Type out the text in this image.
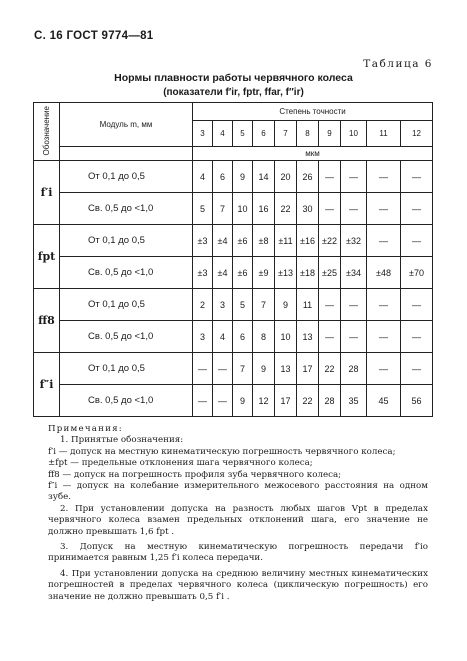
С. 16 ГОСТ 9774—81
Таблица 6
Нормы плавности работы червячного колеса
(показатели f′ir, fptr, ffar, f″ir)
Обозначение	Модуль m, мм	Степень точности									
		3	4	5	6	7	8	9	10	11	12
		мкм									
f′i	От 0,1 до 0,5	4	6	9	14	20	26	—	—	—	—
	Св. 0,5 до <1,0	5	7	10	16	22	30	—	—	—	—
fpt	От 0,1 до 0,5	±3	±4	±6	±8	±11	±16	±22	±32	—	—
	Св. 0,5 до <1,0	±3	±4	±6	±9	±13	±18	±25	±34	±48	±70
ff8	От 0,1 до 0,5	2	3	5	7	9	11	—	—	—	—
	Св. 0,5 до <1,0	3	4	6	8	10	13	—	—	—	—
f″i	От 0,1 до 0,5	—	—	7	9	13	17	22	28	—	—
	Св. 0,5 до <1,0	—	—	9	12	17	22	28	35	45	56

Примечания:

1. Принятые обозначения:

f′i — допуск на местную кинематическую погрешность червячного колеса;

±fpt — предельные отклонения шага червячного колеса;

ff8 — допуск на погрешность профиля зуба червячного колеса;

f″i — допуск на колебание измерительного межосевого расстояния на одном зубе.

2. При установлении допуска на разность любых шагов Vpt в пределах червячного колеса взамен предельных отклонений шага, его значение не должно превышать 1,6 fpt .

3. Допуск на местную кинематическую погрешность передачи f′io принимается равным 1,25 f′i колеса передачи.

4. При установлении допуска на среднюю величину местных кинематических погрешностей в пределах червячного колеса (циклическую погрешность) его значение не должно превышать 0,5 f′i .
